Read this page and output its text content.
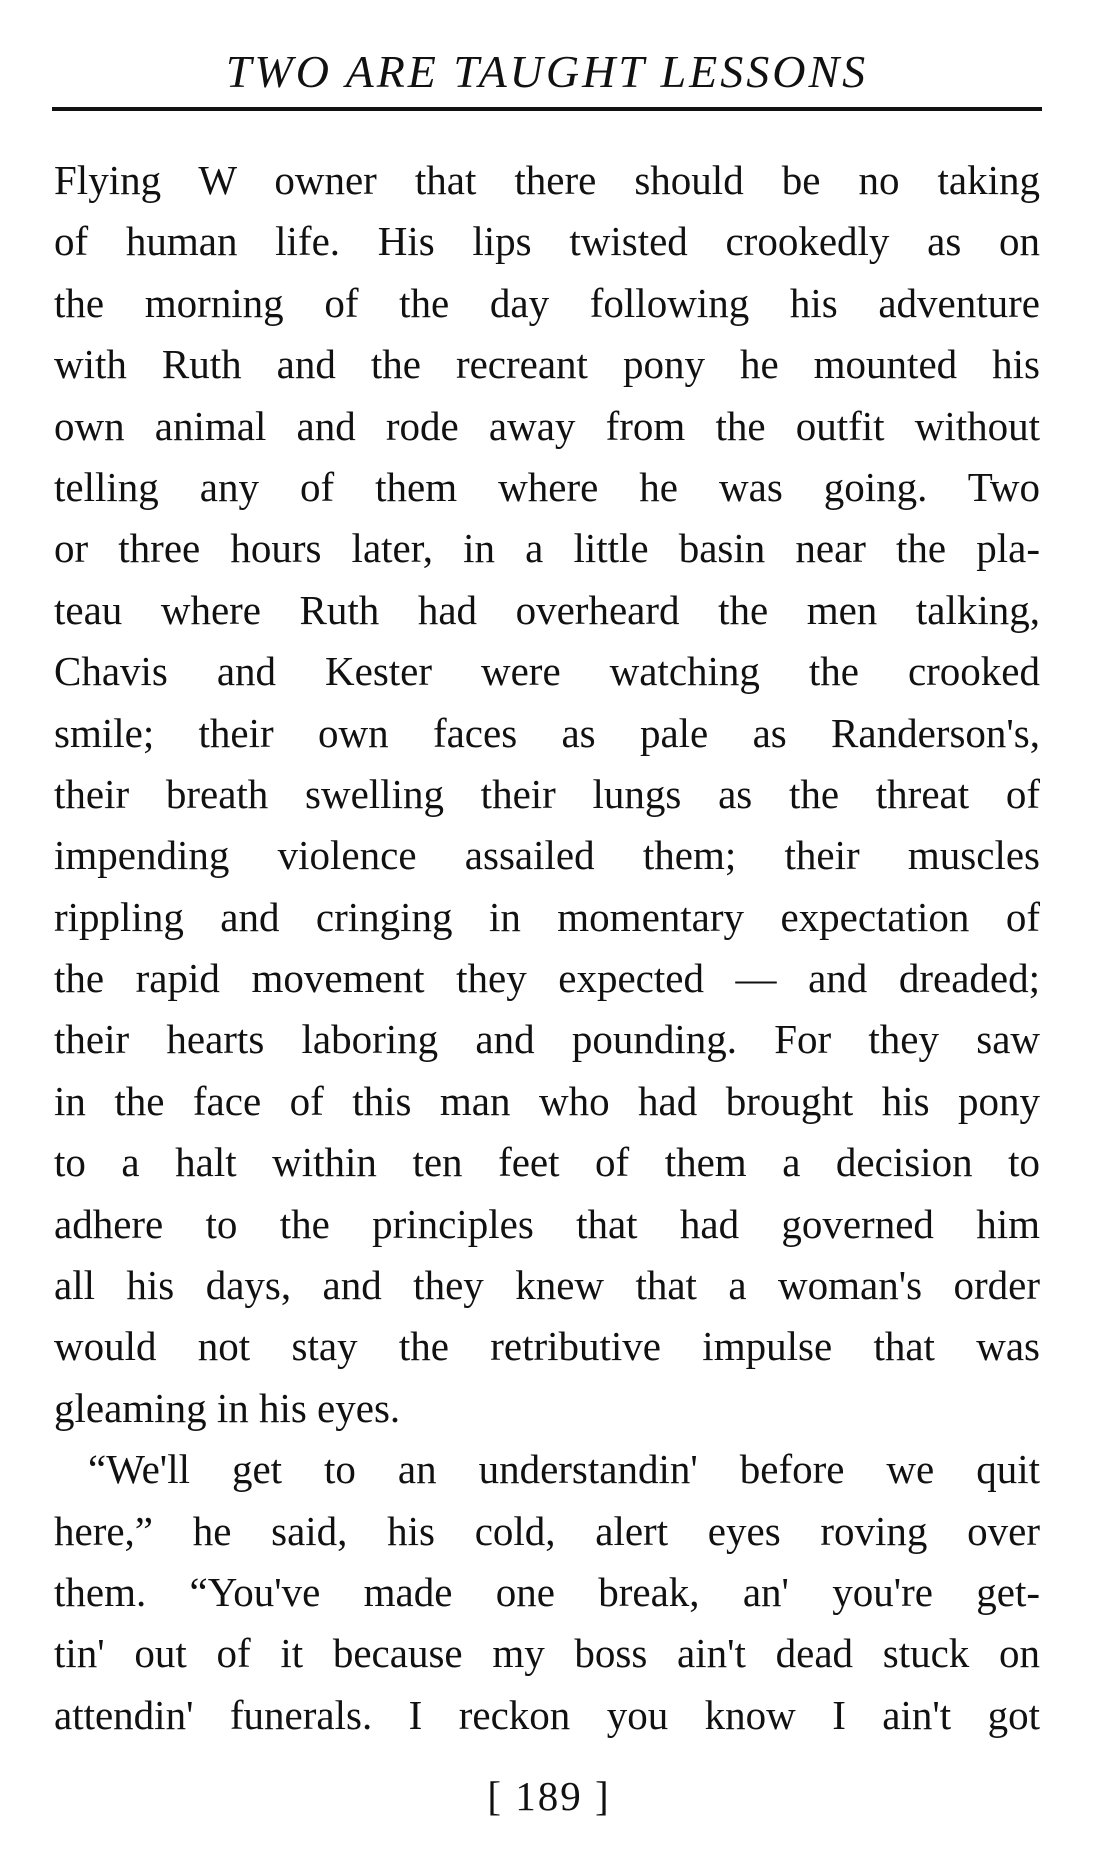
TWO ARE TAUGHT LESSONS
Flying W owner that there should be no taking
of human life. His lips twisted crookedly as on
the morning of the day following his adventure
with Ruth and the recreant pony he mounted his
own animal and rode away from the outfit without
telling any of them where he was going. Two
or three hours later, in a little basin near the pla-
teau where Ruth had overheard the men talking,
Chavis and Kester were watching the crooked
smile; their own faces as pale as Randerson's,
their breath swelling their lungs as the threat of
impending violence assailed them; their muscles
rippling and cringing in momentary expectation of
the rapid movement they expected — and dreaded;
their hearts laboring and pounding. For they saw
in the face of this man who had brought his pony
to a halt within ten feet of them a decision to
adhere to the principles that had governed him
all his days, and they knew that a woman's order
would not stay the retributive impulse that was
gleaming in his eyes.
“We'll get to an understandin' before we quit
here,” he said, his cold, alert eyes roving over
them. “You've made one break, an' you're get-
tin' out of it because my boss ain't dead stuck on
attendin' funerals. I reckon you know I ain't got
[ 189 ]
